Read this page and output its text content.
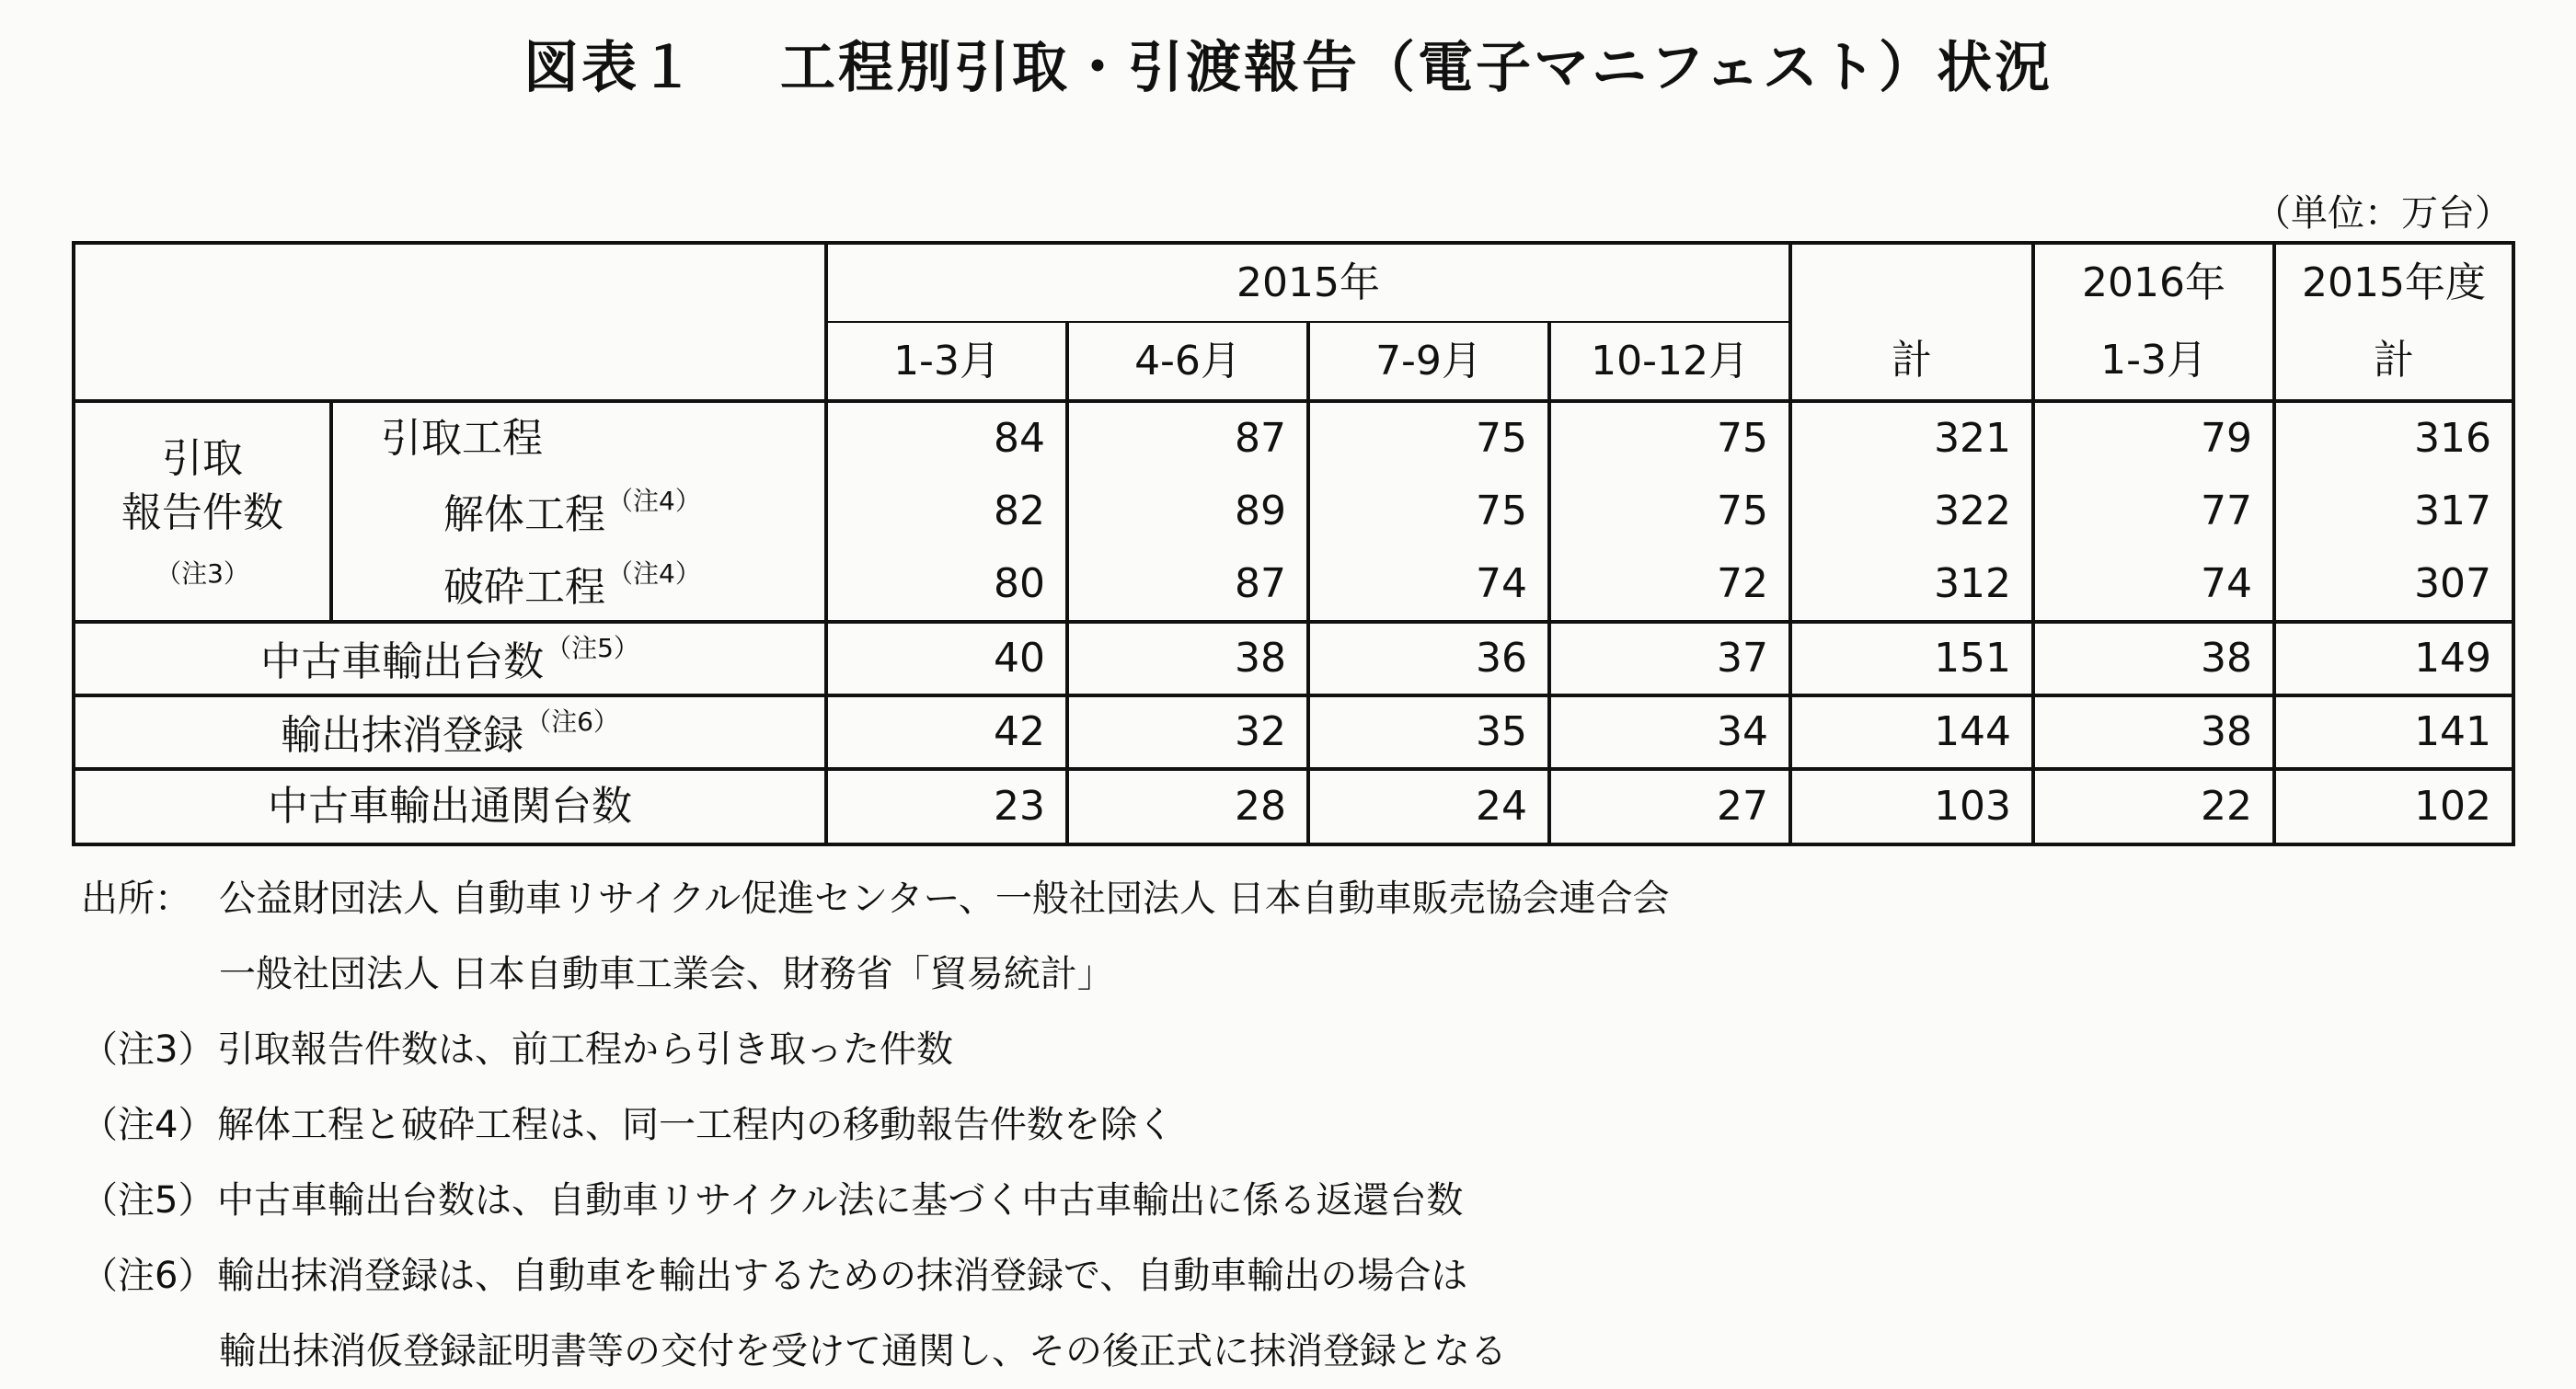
図表１ 工程別引取・引渡報告（電子マニフェスト）状況
（単位：万台）
		2015年					2016年	2015年度
		1-3月	4-6月	7-9月	10-12月	計	1-3月	計

引取
報告件数
（注3）	引取工程	84	87	75	75	321	79	316
	解体工程$^{(注4)}$	82	89	75	75	322	77	317
	破砕工程$^{(注4)}$	80	87	74	72	312	74	307
中古車輸出台数$^{(注5)}$		40	38	36	37	151	38	149
輸出抹消登録$^{(注6)}$		42	32	35	34	144	38	141
中古車輸出通関台数		23	28	24	27	103	22	102
出所： 公益財団法人 自動車リサイクル促進センター、一般社団法人 日本自動車販売協会連合会
一般社団法人 日本自動車工業会、財務省「貿易統計」
（注3）引取報告件数は、前工程から引き取った件数
（注4）解体工程と破砕工程は、同一工程内の移動報告件数を除く
（注5）中古車輸出台数は、自動車リサイクル法に基づく中古車輸出に係る返還台数
（注6）輸出抹消登録は、自動車を輸出するための抹消登録で、自動車輸出の場合は
輸出抹消仮登録証明書等の交付を受けて通関し、その後正式に抹消登録となる
